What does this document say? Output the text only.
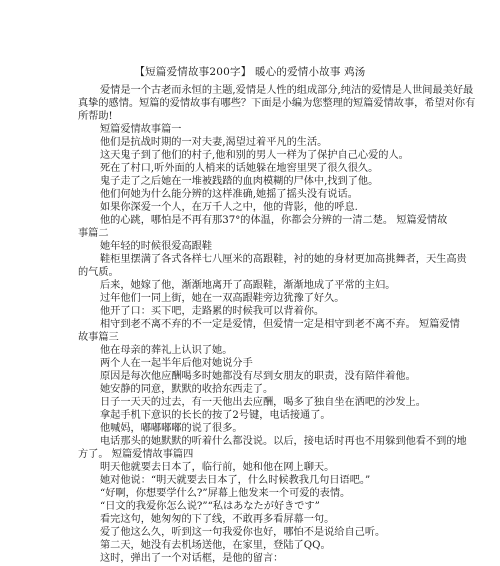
【短篇爱情故事200字】 暖心的爱情小故事 鸡汤
爱情是一个古老而永恒的主题,爱情是人性的组成部分,纯洁的爱情是人世间最美好最
真挚的感情。短篇的爱情故事有哪些？下面是小编为您整理的短篇爱情故事，希望对你有
所帮助!
短篇爱情故事篇一
他们是抗战时期的一对夫妻,渴望过着平凡的生活。
这天鬼子到了他们的村子,他和别的男人一样为了保护自己心爱的人。
死在了村口,听外面的人梢来的话她躲在地窖里哭了很久很久。
鬼子走了之后她在一堆被践踏的血肉模糊的尸体中,找到了他。
他们何她为什么能分辨的这样准确,她摇了摇头没有说话。
如果你深爱一个人，在万千人之中，他的背影，他的呼息.
他的心跳，哪怕是不再有那37°的体温，你都会分辨的一清二楚。 短篇爱情故
事篇二
她年轻的时候很爱高跟鞋
鞋柜里摆满了各式各样七八厘米的高跟鞋，衬的她的身材更加高挑舞者，天生高贵
的气质。
后来，她嫁了他，渐渐地离开了高跟鞋，渐渐地成了平常的主妇。
过年他们一同上街，她在一双高跟鞋旁边犹豫了好久。
他开了口：买下吧，走路累的时候我可以背着你。
相守到老不离不弃的不一定是爱情，但爱情一定是相守到老不离不弃。 短篇爱情
故事篇三
他在母亲的葬礼上认识了她。
两个人在一起半年后他对她说分手
原因是每次他应酬喝多时她都没有尽到女朋友的职责，没有陪伴着他。
她安静的同意，默默的收拾东西走了。
日子一天天的过去，有一天他出去应酬，喝多了独自坐在洒吧的沙发上。
拿起手机下意识的长长的按了2号键，电话接通了。
他喊妈，嘟嘟嘟嘟的说了很多。
电话那头的她默默的听着什么都没说。以后，接电话时再也不用躲到他看不到的地
方了。 短篇爱情故事篇四
明天他就要去日本了，临行前，她和他在网上聊天。
她对他说：“明天就要去日本了，什么时候教我几句日语吧。”
“好啊，你想要学什么?”屏幕上他发来一个可爱的表情。
“日文的我爱你怎么说?”“私はあなたが好きです”
看完这句，她匆匆的下了线，不敢再多看屏幕一句。
爱了他这么久，听到这一句我爱你也好，哪怕不是说给自己听。
第二天，她没有去机场送他，在家里，登陆了QQ。
这时，弹出了一个对话框，是他的留言：
